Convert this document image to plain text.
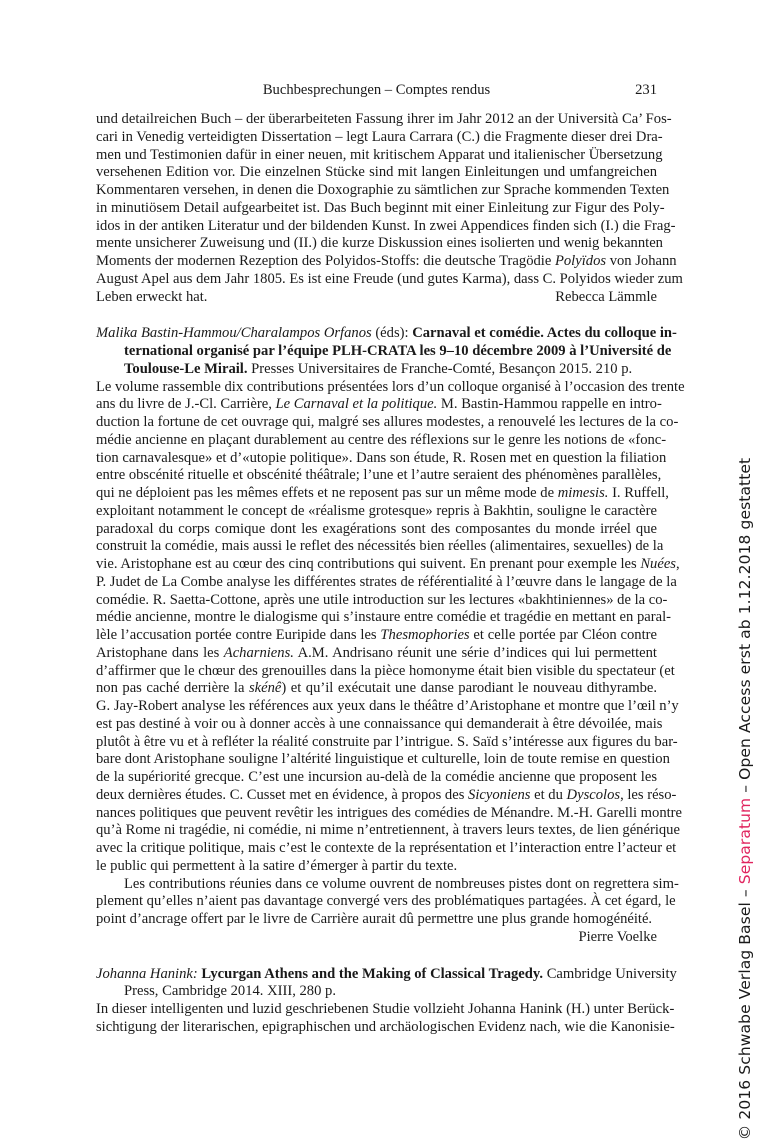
Buchbesprechungen – Comptes rendus	231
und detailreichen Buch – der überarbeiteten Fassung ihrer im Jahr 2012 an der Università Ca’ Fos-
cari in Venedig verteidigten Dissertation – legt Laura Carrara (C.) die Fragmente dieser drei Dra-
men und Testimonien dafür in einer neuen, mit kritischem Apparat und italienischer Übersetzung
versehenen Edition vor. Die einzelnen Stücke sind mit langen Einleitungen und umfangreichen
Kommentaren versehen, in denen die Doxographie zu sämtlichen zur Sprache kommenden Texten
in minutiösem Detail aufgearbeitet ist. Das Buch beginnt mit einer Einleitung zur Figur des Poly-
idos in der antiken Literatur und der bildenden Kunst. In zwei Appendices finden sich (I.) die Frag-
mente unsicherer Zuweisung und (II.) die kurze Diskussion eines isolierten und wenig bekannten
Moments der modernen Rezeption des Polyidos-Stoffs: die deutsche Tragödie Polyïdos von Johann
August Apel aus dem Jahr 1805. Es ist eine Freude (und gutes Karma), dass C. Polyidos wieder zum
Leben erweckt hat.	Rebecca Lämmle
Malika Bastin-Hammou/Charalampos Orfanos (éds): Carnaval et comédie. Actes du colloque in-
ternational organisé par l’équipe PLH-CRATA les 9–10 décembre 2009 à l’Université de
Toulouse-Le Mirail. Presses Universitaires de Franche-Comté, Besançon 2015. 210 p.
Le volume rassemble dix contributions présentées lors d’un colloque organisé à l’occasion des trente
ans du livre de J.-Cl. Carrière, Le Carnaval et la politique. M. Bastin-Hammou rappelle en intro-
duction la fortune de cet ouvrage qui, malgré ses allures modestes, a renouvelé les lectures de la co-
médie ancienne en plaçant durablement au centre des réflexions sur le genre les notions de «fonc-
tion carnavalesque» et d’«utopie politique». Dans son étude, R. Rosen met en question la filiation
entre obscénité rituelle et obscénité théâtrale; l’une et l’autre seraient des phénomènes parallèles,
qui ne déploient pas les mêmes effets et ne reposent pas sur un même mode de mimesis. I. Ruffell,
exploitant notamment le concept de «réalisme grotesque» repris à Bakhtin, souligne le caractère
paradoxal du corps comique dont les exagérations sont des composantes du monde irréel que
construit la comédie, mais aussi le reflet des nécessités bien réelles (alimentaires, sexuelles) de la
vie. Aristophane est au cœur des cinq contributions qui suivent. En prenant pour exemple les Nuées,
P. Judet de La Combe analyse les différentes strates de référentialité à l’œuvre dans le langage de la
comédie. R. Saetta-Cottone, après une utile introduction sur les lectures «bakhtiniennes» de la co-
médie ancienne, montre le dialogisme qui s’instaure entre comédie et tragédie en mettant en paral-
lèle l’accusation portée contre Euripide dans les Thesmophories et celle portée par Cléon contre
Aristophane dans les Acharniens. A.M. Andrisano réunit une série d’indices qui lui permettent
d’affirmer que le chœur des grenouilles dans la pièce homonyme était bien visible du spectateur (et
non pas caché derrière la skénê) et qu’il exécutait une danse parodiant le nouveau dithyrambe.
G. Jay-Robert analyse les références aux yeux dans le théâtre d’Aristophane et montre que l’œil n’y
est pas destiné à voir ou à donner accès à une connaissance qui demanderait à être dévoilée, mais
plutôt à être vu et à refléter la réalité construite par l’intrigue. S. Saïd s’intéresse aux figures du bar-
bare dont Aristophane souligne l’altérité linguistique et culturelle, loin de toute remise en question
de la supériorité grecque. C’est une incursion au-delà de la comédie ancienne que proposent les
deux dernières études. C. Cusset met en évidence, à propos des Sicyoniens et du Dyscolos, les réso-
nances politiques que peuvent revêtir les intrigues des comédies de Ménandre. M.-H. Garelli montre
qu’à Rome ni tragédie, ni comédie, ni mime n’entretiennent, à travers leurs textes, de lien générique
avec la critique politique, mais c’est le contexte de la représentation et l’interaction entre l’acteur et
le public qui permettent à la satire d’émerger à partir du texte.
Les contributions réunies dans ce volume ouvrent de nombreuses pistes dont on regrettera sim-
plement qu’elles n’aient pas davantage convergé vers des problématiques partagées. À cet égard, le
point d’ancrage offert par le livre de Carrière aurait dû permettre une plus grande homogénéité.
Pierre Voelke
Johanna Hanink: Lycurgan Athens and the Making of Classical Tragedy. Cambridge University
Press, Cambridge 2014. XIII, 280 p.
In dieser intelligenten und luzid geschriebenen Studie vollzieht Johanna Hanink (H.) unter Berück-
sichtigung der literarischen, epigraphischen und archäologischen Evidenz nach, wie die Kanonisie-	© 2016 Schwabe Verlag Basel – Separatum – Open Access erst ab 1.12.2018 gestattet
